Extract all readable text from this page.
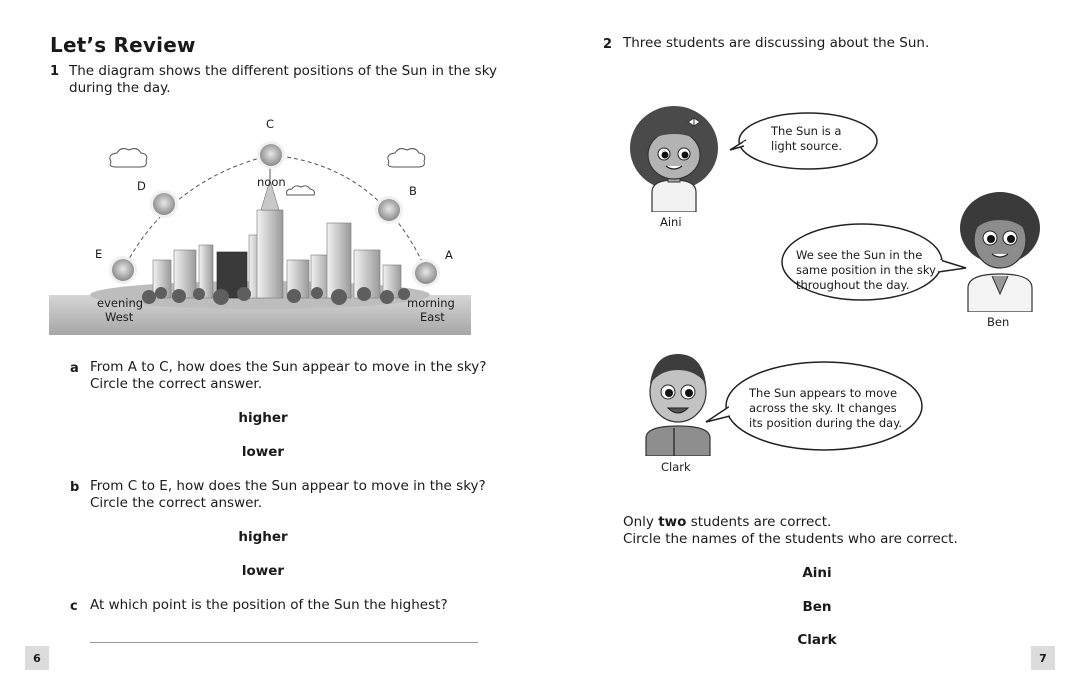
Let’s Review
1 The diagram shows the different positions of the Sun in the sky
during the day.
C
noon
D	B
E	A
evening
West
morning
East
a From A to C, how does the Sun appear to move in the sky?
Circle the correct answer.
higher
lower
b From C to E, how does the Sun appear to move in the sky?
Circle the correct answer.
higher
lower
c At which point is the position of the Sun the highest?
6
2 Three students are discussing about the Sun.
Aini
The Sun is a
light source.
We see the Sun in the
same position in the sky
throughout the day.
Ben
Clark
The Sun appears to move
across the sky. It changes
its position during the day.
Only two students are correct.
Circle the names of the students who are correct.
Aini
Ben
Clark
7
